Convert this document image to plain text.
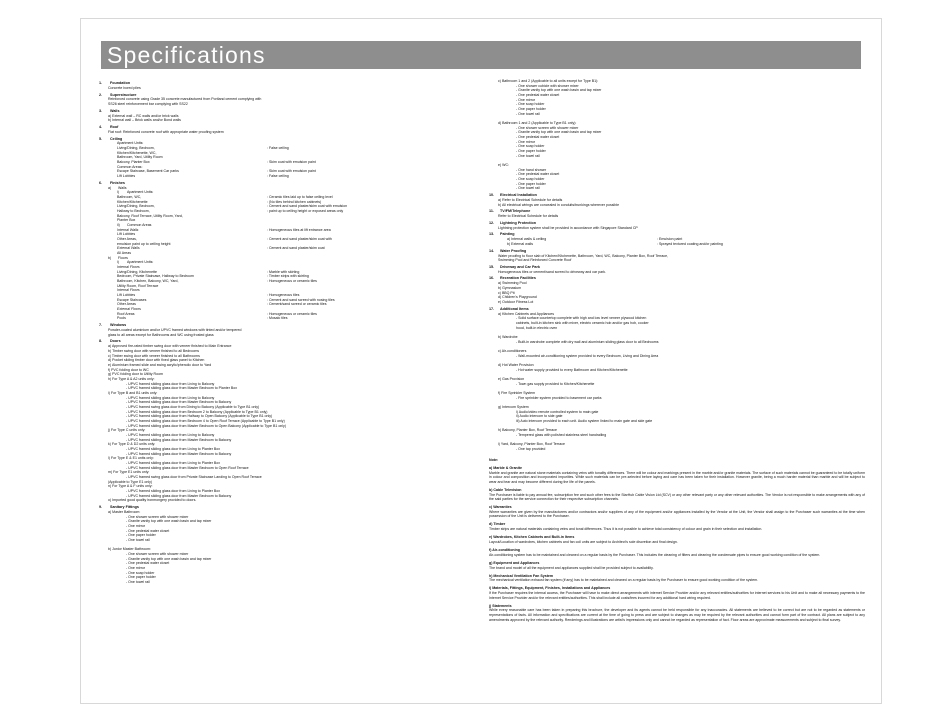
Specifications
1.	Foundation
Concrete bored piles
2.	Superstructure
Reinforced concrete using Grade 35 concrete manufactured from Portland cement complying with
SS26 steel reinforcement bar complying with SS22
3.	Walls
a) External wall – RC walls and/or brick walls
b) Internal wall – Brick walls and/or Bond walls
4.	Roof
Flat roof: Reinforced concrete roof with appropriate water proofing system
5.	Ceiling
Apartment Units:
Living/Dining, Bedroom,	: False ceiling
Kitchen/Kitchenette, WC,
Bathroom, Yard, Utility Room
Balcony, Planter Box	: Skim coat with emulsion paint
Common Areas:
Escape Staircase, Basement Car parks	: Skim coat with emulsion paint
Lift Lobbies	: False ceiling
6.	Finishes
a)	Walls
i)	Apartment Units:
Bathroom, WC,	: Ceramic tiles laid up to false ceiling level
Kitchen/Kitchenette	: (No tiles behind kitchen cabinets)
Living/Dining, Bedroom,	: Cement and sand plaster/skim coat with emulsion
Hallway to Bedroom,	: paint up to ceiling height or exposed areas only
Balcony, Roof Terrace, Utility Room, Yard,
Planter Box
ii)	Common Areas
Internal Walls	: Homogeneous tiles at lift entrance area
Lift Lobbies
Other Areas,	: Cement and sand plaster/skim coat with
emulsion paint up to ceiling height
External Walls	: Cement and sand plaster/skim coat
All Areas
b)	Floors
i)	Apartment Units:
Internal Floors
Living/Dining, Kitchenette	: Marble with skirting
Bedroom, Private Staircase, Hallway to Bedroom	: Timber strips with skirting
Bathroom, Kitchen, Balcony, WC, Yard,	: Homogeneous or ceramic tiles
Utility Room, Roof Terrace
Internal Floors
Lift Lobbies	: Homogeneous tiles
Escape Staircases	: Cement and sand screed with nosing tiles
Other Areas	: Cement/sand screed or ceramic tiles
External Floors
Roof Areas	: Homogeneous or ceramic tiles
Pools	: Mosaic tiles
7.	Windows
Powder-coated aluminium and/or UPVC framed windows with tinted and/or tempered
glass to all areas except for Bathrooms and WC using frosted glass
8.	Doors
a) Approved fire-rated timber swing door with veneer finished to Main Entrance
b) Timber swing door with veneer finished to all Bedrooms
c) Timber swing door with veneer finished to all Bathrooms
d) Pocket sliding timber door with fixed glass panel to Kitchen
e) Aluminium framed slide and swing acrylic/phenolic door to Yard
f) PVC folding door to WC
g) PVC folding door to Utility Room
h) For Type A & A2 units only:
- UPVC framed sliding glass door from Living to Balcony
- UPVC framed sliding glass door from Master Bedroom to Planter Box
i) For Type B and B1 units only:
- UPVC framed sliding glass door from Living to Balcony
- UPVC framed sliding glass door from Master Bedroom to Balcony
- UPVC framed swing glass door from Dining to Balcony (Applicable to Type B1 only)
- UPVC framed sliding glass door from Bedroom 2 to Balcony (Applicable to Type B1 only)
- UPVC framed sliding glass door from Hallway to Open Balcony (Applicable to Type B1 only)
- UPVC framed sliding glass door from Bedroom 4 to Open Roof Terrace (Applicable to Type B1 only)
- UPVC framed sliding glass door from Master Bedroom to Open Balcony (Applicable to Type B1 only)
j) For Type C units only:
- UPVC framed sliding glass door from Living to Balcony
- UPVC framed sliding glass door from Master Bedroom to Balcony
k) For Type D & D2 units only:
- UPVC framed sliding glass door from Living to Planter Box
- UPVC framed sliding glass door from Master Bedroom to Balcony
l) For Type E & E1 units only:
- UPVC framed sliding glass door from Living to Planter Box
- UPVC framed sliding glass door from Master Bedroom to Open Roof Terrace
m) For Type E1 units only:
- UPVC framed swing glass door from Private Staircase Landing to Open Roof Terrace
(Applicable to Type E1 only)
n) For Type A & F units only:
- UPVC framed sliding glass door from Living to Planter Box
- UPVC framed sliding glass door from Master Bedroom to Balcony
o) Imported good quality ironmongery provided to doors.
9.	Sanitary Fittings
a) Master Bathroom:
- One shower screen with shower mixer
- Granite vanity top with one wash basin and tap mixer
- One mirror
- One pedestal water closet
- One paper holder
- One towel rail

b) Junior Master Bathroom:
- One shower screen with shower mixer
- Granite vanity top with one wash basin and tap mixer
- One pedestal water closet
- One mirror
- One soap holder
- One paper holder
- One towel rail
c) Bathroom 1 and 2 (Applicable to all units except for Type B1):
- One shower cubicle with shower mixer
- Granite vanity top with one wash basin and tap mixer
- One pedestal water closet
- One mirror
- One soap holder
- One paper holder
- One towel rail

d) Bathroom 1 and 2 (Applicable to Type B1 only):
- One shower screen with shower mixer
- Granite vanity top with one wash basin and tap mixer
- One pedestal water closet
- One mirror
- One soap holder
- One paper holder
- One towel rail

e) WC:
- One hand shower
- One pedestal water closet
- One soap holder
- One paper holder
- One towel rail
10.	Electrical Installation
a) Refer to Electrical Schedule for details
b) All electrical wirings are concealed in conduits/trunkings wherever possible
11.	TV/FM/Telephone
Refer to Electrical Schedule for details
12.	Lightning Protection
Lightning protection system shall be provided in accordance with Singapore Standard CP
13.	Painting
a) Internal walls & ceiling	: Emulsion paint
b) External walls	: Sprayed textured coating and/or painting
14.	Water Proofing
Water proofing to floor slab of Kitchen/Kitchenette, Bathroom, Yard, WC, Balcony, Planter Box, Roof Terrace,
Swimming Pool and Reinforced Concrete Roof
15.	Driveway and Car Park
Homogeneous tiles or cement/sand screed to driveway and car park.
16.	Recreation Facilities
a) Swimming Pool
b) Gymnasium
c) BBQ Pit
d) Children's Playground
e) Outdoor Fitness Lot
17.	Additional Items
a) Kitchen Cabinets and Appliances
- Solid surface countertop complete with high and low level veneer plywood kitchen
cabinets, built-in kitchen sink with mixer, electric ceramic hob and/or gas hob, cooker
hood, built-in electric oven

b) Wardrobe
- Built-in wardrobe complete with dry wall and aluminium sliding glass door to all Bedrooms

c) Air-conditioners
- Wall-mounted air-conditioning system provided to every Bedroom, Living and Dining Area

d) Hot Water Provision
- Hot water supply provided to every Bathroom and Kitchen/Kitchenette

e) Gas Provision
- Town gas supply provided to Kitchen/Kitchenette

f) Fire Sprinkler System
- Fire sprinkler system provided to basement car parks

g) Intercom System
i) Audio/video remote controlled system to main gate
ii) Audio intercom to side gate
iii) Auto intercom provided to each unit. Audio system linked to main gate and side gate

h) Balcony, Planter Box, Roof Terrace
- Tempered glass with polished stainless steel handrailing

i) Yard, Balcony, Planter Box, Roof Terrace
- One tap provided
Note:
a) Marble & Granite
Marble and granite are natural stone materials containing veins with tonality differences. There will be colour and markings present in the marble and/or granite materials. The surface of such materials cannot be guaranteed to be totally uniform in colour and composition and incorporated impurities. While such materials can be pre-selected before laying and care has been taken for their installation. However granite, being a much harder material than marble and will be subject to wear and tear and may become different during the life of the panels.
b) Cable Television
The Purchaser is liable to pay annual fee, subscription fee and such other fees to the StarHub Cable Vision Ltd (SCV) or any other relevant party or any other relevant authorities. The Vendor is not responsible to make arrangements with any of the said parties for the service connection for their respective subscription channels.
c) Warranties
Where warranties are given by the manufacturers and/or contractors and/or suppliers of any of the equipment and/or appliances installed by the Vendor at the Unit, the Vendor shall assign to the Purchaser such warranties at the time when possession of the Unit is delivered to the Purchaser.
d) Timber
Timber strips are natural materials containing veins and tonal differences. Thus it is not possible to achieve total consistency of colour and grain in their selection and installation.
e) Wardrobes, Kitchen Cabinets and Built-in Items
Layout/Location of wardrobes, kitchen cabinets and fan coil units are subject to Architect's sole discretion and final design.
f) Air-conditioning
Air-conditioning system has to be maintained and cleaned on a regular basis by the Purchaser. This includes the cleaning of filters and cleaning the condensate pipes to ensure good working condition of the system.
g) Equipment and Appliances
The brand and model of all the equipment and appliances supplied shall be provided subject to availability.
h) Mechanical Ventilation Fan System
The mechanical ventilation exhaust fan system (if any) has to be maintained and cleaned on a regular basis by the Purchaser to ensure good working condition of the system.
i) Materials, Fittings, Equipment, Finishes, Installations and Appliances
If the Purchaser requires the internal access, the Purchaser will have to make direct arrangements with internet Service Provider and/or any relevant entities/authorities for internet services to his Unit and to make all necessary payments to the Internet Service Provider and/or the relevant entities/authorities. This shall include all costs/fees incurred for any additional hard wiring required.
j) Statements
While every reasonable care has been taken in preparing this brochure, the developer and its agents cannot be held responsible for any inaccuracies. All statements are believed to be correct but are not to be regarded as statements or representations of facts. All information and specifications are current at the time of going to press and are subject to changes as may be required by the relevant authorities and cannot form part of the contract. All plans are subject to any amendments approved by the relevant authority. Renderings and illustrations are artist's impressions only and cannot be regarded as representation of fact. Floor areas are approximate measurements and subject to final survey.
